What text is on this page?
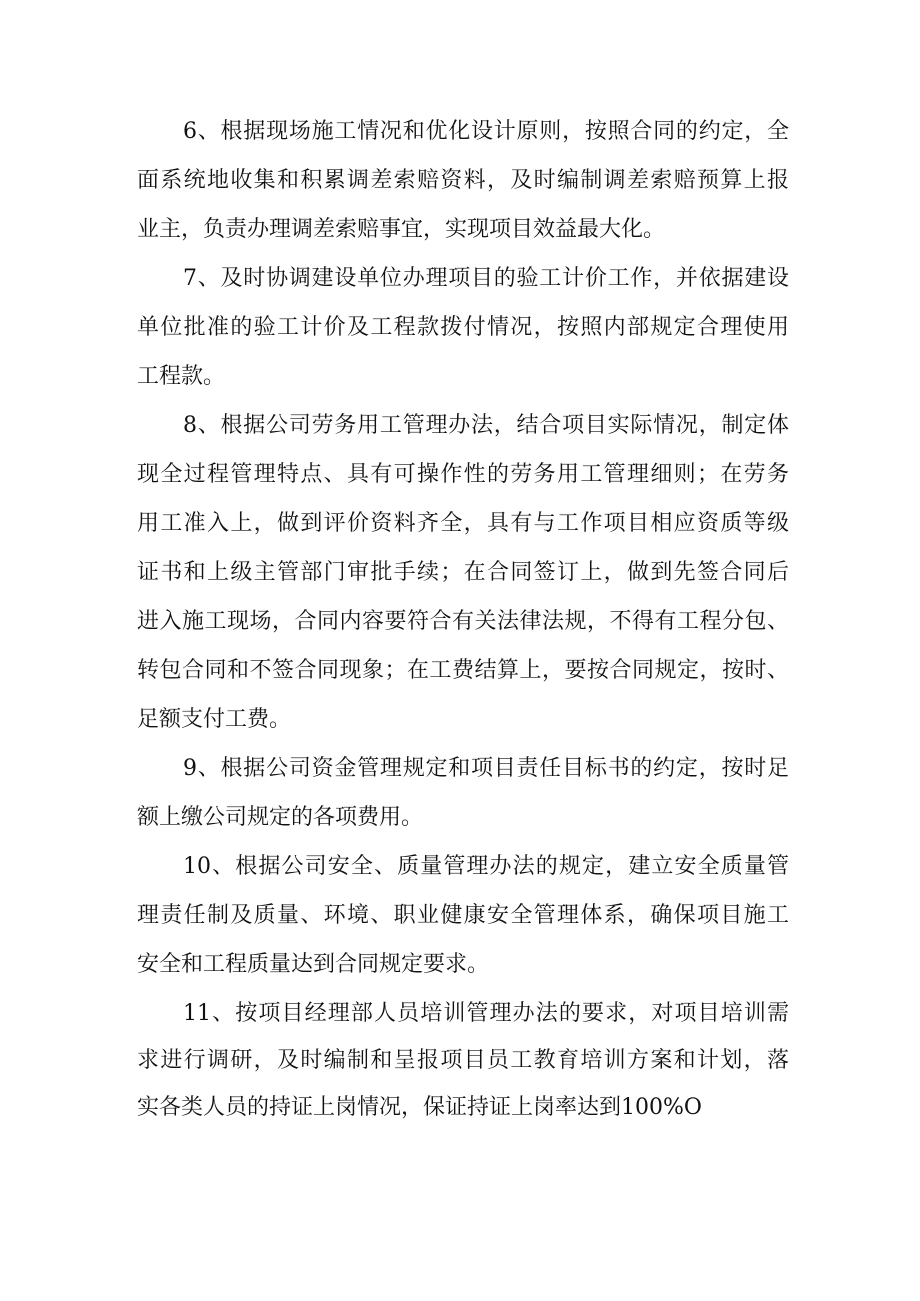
6、根据现场施工情况和优化设计原则，按照合同的约定，全
面系统地收集和积累调差索赔资料，及时编制调差索赔预算上报
业主，负责办理调差索赔事宜，实现项目效益最大化。
7、及时协调建设单位办理项目的验工计价工作，并依据建设
单位批准的验工计价及工程款拨付情况，按照内部规定合理使用
工程款。
8、根据公司劳务用工管理办法，结合项目实际情况，制定体
现全过程管理特点、具有可操作性的劳务用工管理细则；在劳务
用工准入上，做到评价资料齐全，具有与工作项目相应资质等级
证书和上级主管部门审批手续；在合同签订上，做到先签合同后
进入施工现场，合同内容要符合有关法律法规，不得有工程分包、
转包合同和不签合同现象；在工费结算上，要按合同规定，按时、
足额支付工费。
9、根据公司资金管理规定和项目责任目标书的约定，按时足
额上缴公司规定的各项费用。
10、根据公司安全、质量管理办法的规定，建立安全质量管
理责任制及质量、环境、职业健康安全管理体系，确保项目施工
安全和工程质量达到合同规定要求。
11、按项目经理部人员培训管理办法的要求，对项目培训需
求进行调研，及时编制和呈报项目员工教育培训方案和计划，落
实各类人员的持证上岗情况，保证持证上岗率达到100%O
